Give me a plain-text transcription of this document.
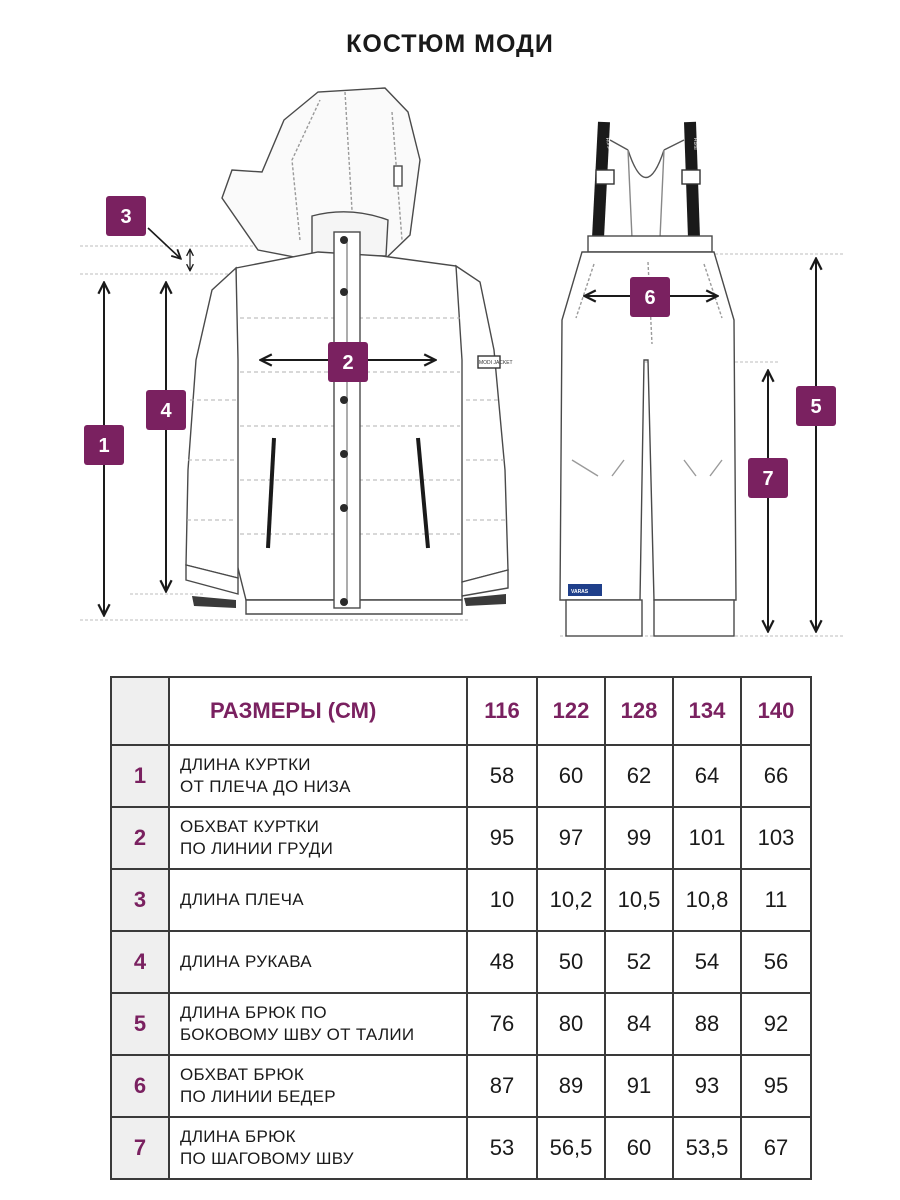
КОСТЮМ МОДИ
MODI JACKET
Rorsi	Rorsi
VARAS
1
2
3
4	5
6
7
	РАЗМЕРЫ (СМ)	116	122	128	134	140
1	ДЛИНА КУРТКИ
ОТ ПЛЕЧА ДО НИЗА	58	60	62	64	66
2	ОБХВАТ КУРТКИ
ПО ЛИНИИ ГРУДИ	95	97	99	101	103
3	ДЛИНА ПЛЕЧА	10	10,2	10,5	10,8	11
4	ДЛИНА РУКАВА	48	50	52	54	56
5	ДЛИНА БРЮК ПО
БОКОВОМУ ШВУ ОТ ТАЛИИ	76	80	84	88	92
6	ОБХВАТ БРЮК
ПО ЛИНИИ БЕДЕР	87	89	91	93	95
7	ДЛИНА БРЮК
ПО ШАГОВОМУ ШВУ	53	56,5	60	53,5	67
